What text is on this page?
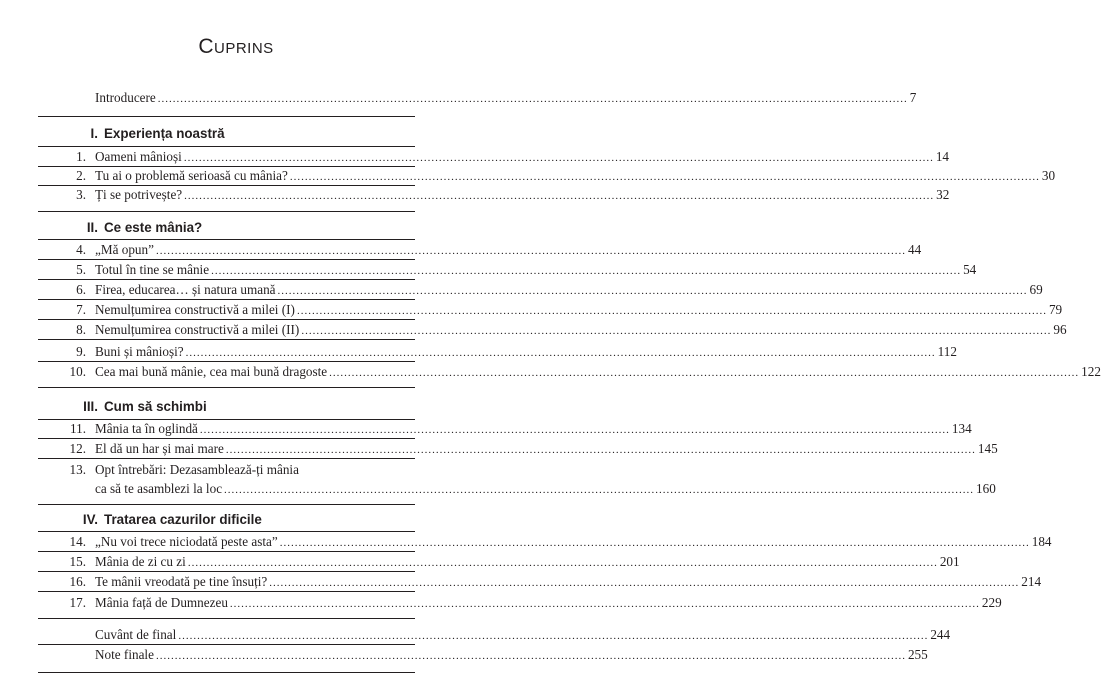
Cuprins
Introducere ........................................................................................................................................................................................................ 7
I. Experiența noastră
1. Oameni mânioși ........................................................................................................................................................................................................ 14
2. Tu ai o problemă serioasă cu mânia? ........................................................................................................................................................................................................ 30
3. Ți se potrivește? ........................................................................................................................................................................................................ 32
II. Ce este mânia?
4. „Mă opun” ........................................................................................................................................................................................................ 44
5. Totul în tine se mânie ........................................................................................................................................................................................................ 54
6. Firea, educarea… și natura umană ........................................................................................................................................................................................................ 69
7. Nemulțumirea constructivă a milei (I) ........................................................................................................................................................................................................ 79
8. Nemulțumirea constructivă a milei (II) ........................................................................................................................................................................................................ 96
9. Buni și mânioși? ........................................................................................................................................................................................................ 112
10. Cea mai bună mânie, cea mai bună dragoste ........................................................................................................................................................................................................ 122
III. Cum să schimbi
11. Mânia ta în oglindă ........................................................................................................................................................................................................ 134
12. El dă un har și mai mare ........................................................................................................................................................................................................ 145
13. Opt întrebări: Dezasamblează-ți mânia
ca să te asamblezi la loc ........................................................................................................................................................................................................ 160
IV. Tratarea cazurilor dificile
14. „Nu voi trece niciodată peste asta” ........................................................................................................................................................................................................ 184
15. Mânia de zi cu zi ........................................................................................................................................................................................................ 201
16. Te mânii vreodată pe tine însuți? ........................................................................................................................................................................................................ 214
17. Mânia față de Dumnezeu ........................................................................................................................................................................................................ 229
Cuvânt de final ........................................................................................................................................................................................................ 244
Note finale ........................................................................................................................................................................................................ 255
